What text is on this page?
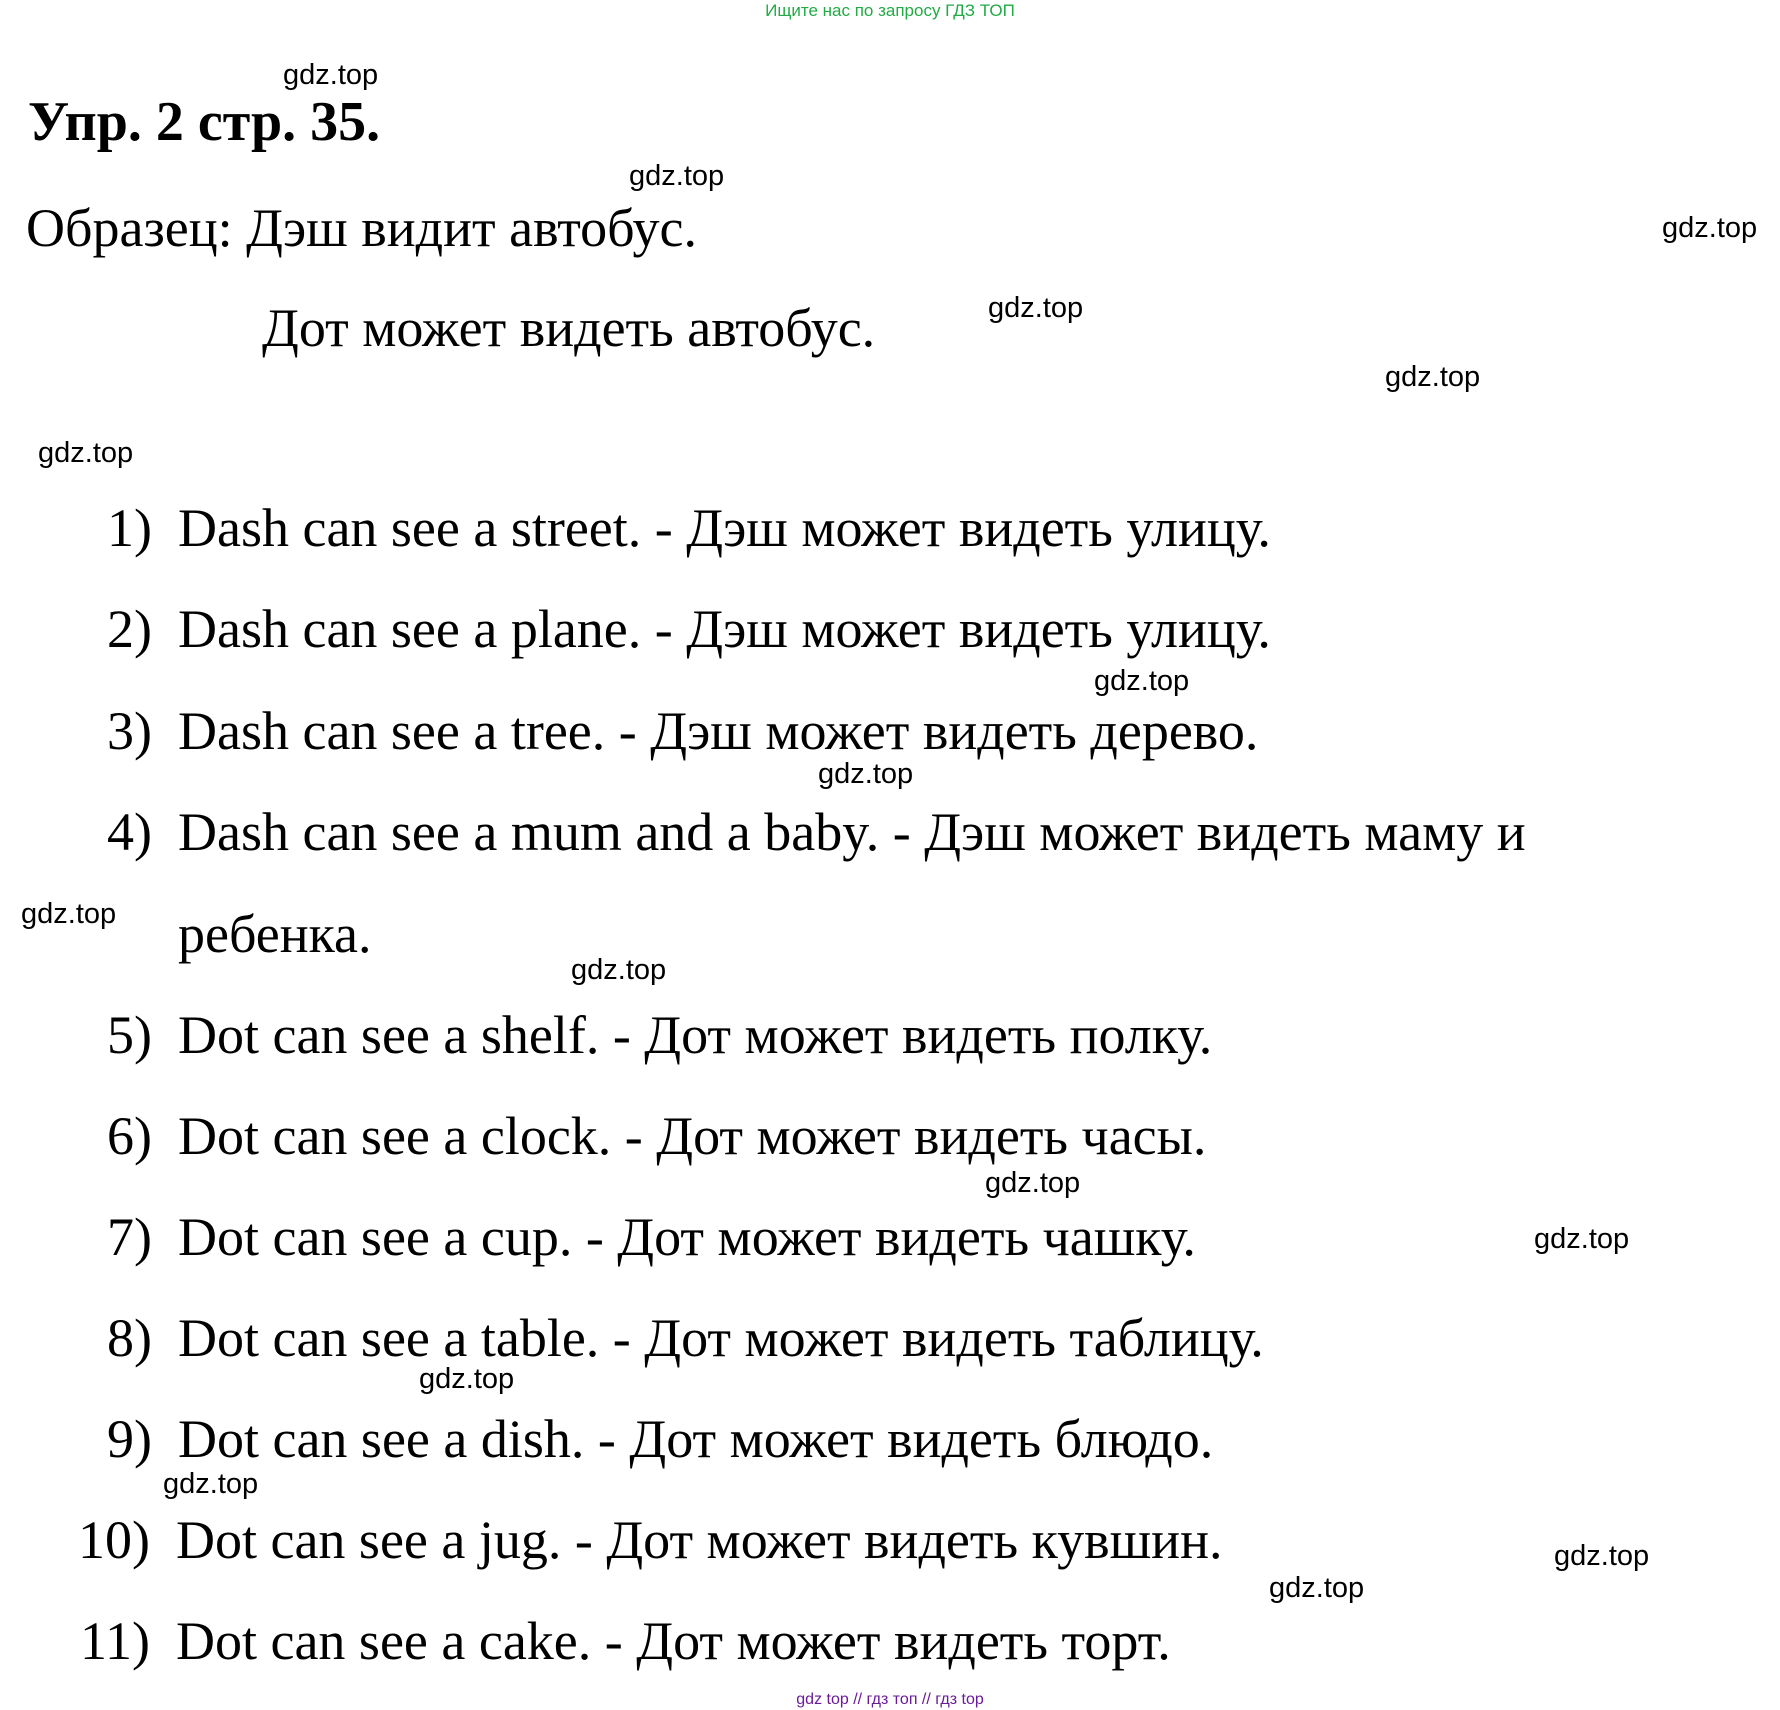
Ищите нас по запросу ГДЗ ТОП
Упр. 2 стр. 35.
Образец: Дэш видит автобус.
Дот может видеть автобус.
1) Dash can see a street. - Дэш может видеть улицу.
2) Dash can see a plane. - Дэш может видеть улицу.
3) Dash can see a tree. - Дэш может видеть дерево.
4) Dash can see a mum and a baby. - Дэш может видеть маму и
ребенка.
5) Dot can see a shelf. - Дот может видеть полку.
6) Dot can see a clock. - Дот может видеть часы.
7) Dot can see a cup. - Дот может видеть чашку.
8) Dot can see a table. - Дот может видеть таблицу.
9) Dot can see a dish. - Дот может видеть блюдо.
10) Dot can see a jug. - Дот может видеть кувшин.
11) Dot can see a cake. - Дот может видеть торт.
gdz.top
gdz.top
gdz.top
gdz.top
gdz.top
gdz.top
gdz.top
gdz.top
gdz.top
gdz.top
gdz.top
gdz.top
gdz.top
gdz.top
gdz.top
gdz.top
gdz top // гдз топ // гдз top
